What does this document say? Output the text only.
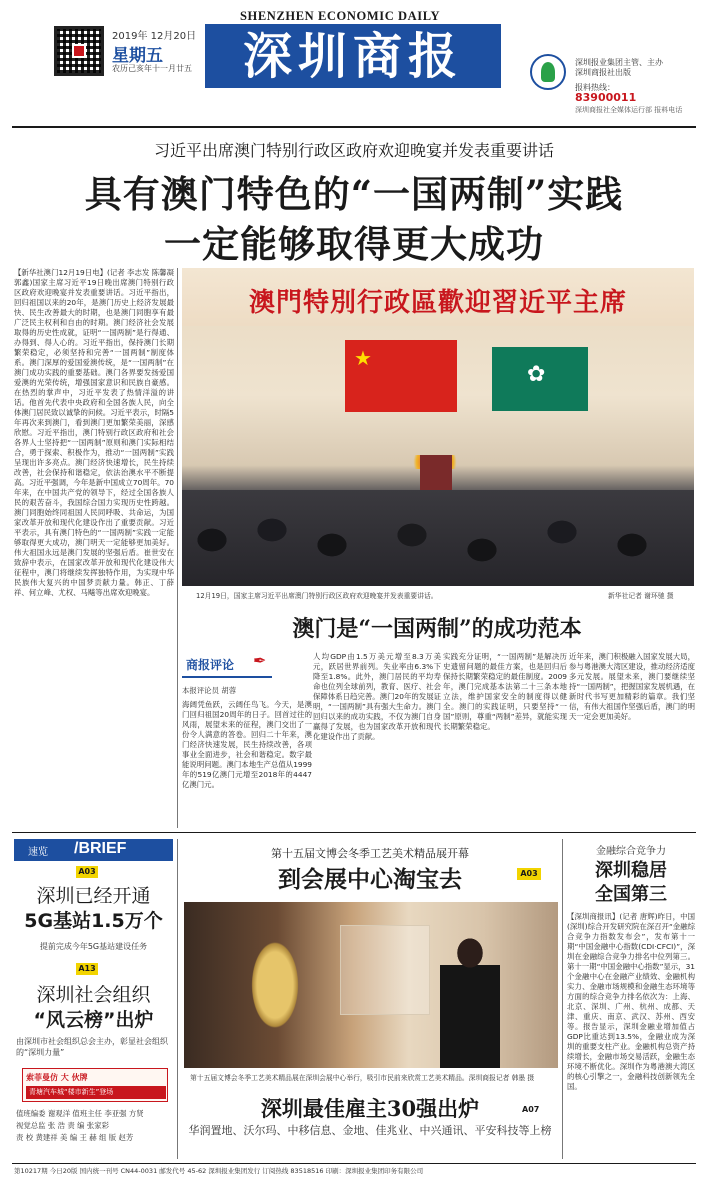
SHENZHEN ECONOMIC DAILY
2019年 12月20日
星期五
农历己亥年十一月廿五	深圳商报	深圳报业集团主管、主办
深圳商报社出版
报料热线：
83900011
深圳商报社全媒体运行部 报料电话
习近平出席澳门特别行政区政府欢迎晚宴并发表重要讲话
具有澳门特色的“一国两制”实践
一定能够取得更大成功
【新华社澳门12月19日电】(记者 李志发 陈馨凝 郭鑫)国家主席习近平19日晚出席澳门特别行政区政府欢迎晚宴并发表重要讲话。习近平指出，回归祖国以来的20年，是澳门历史上经济发展最快、民生改善最大的时期，也是澳门同胞享有最广泛民主权利和自由的时期。澳门经济社会发展取得的历史性成就，证明“一国两制”是行得通、办得到、得人心的。习近平指出，保持澳门长期繁荣稳定，必须坚持和完善“一国两制”制度体系。澳门深厚的爱国爱澳传统，是“一国两制”在澳门成功实践的重要基础。澳门各界要发扬爱国爱澳的光荣传统，增强国家意识和民族自豪感。在热烈的掌声中，习近平发表了热情洋溢的讲话。他首先代表中央政府和全国各族人民，向全体澳门居民致以诚挚的问候。习近平表示，时隔5年再次来到澳门，看到澳门更加繁荣美丽，深感欣慰。习近平指出，澳门特别行政区政府和社会各界人士坚持把“一国两制”原则和澳门实际相结合，勇于探索、积极作为，推动“一国两制”实践呈现出许多亮点。澳门经济快速增长，民生持续改善，社会保持和谐稳定，依法治澳水平不断提高。习近平强调，今年是新中国成立70周年。70年来，在中国共产党的领导下，经过全国各族人民的艰苦奋斗，我国综合国力实现历史性跨越。澳门同胞始终同祖国人民同呼吸、共命运，为国家改革开放和现代化建设作出了重要贡献。习近平表示，具有澳门特色的“一国两制”实践一定能够取得更大成功，澳门明天一定能够更加美好。伟大祖国永远是澳门发展的坚强后盾。崔世安在致辞中表示，在国家改革开放和现代化建设伟大征程中，澳门将继续发挥独特作用，为实现中华民族伟大复兴的中国梦贡献力量。韩正、丁薛祥、何立峰、尤权、马飚等出席欢迎晚宴。
澳門特別行政區歡迎習近平主席
★
✿
12月19日，国家主席习近平出席澳门特别行政区政府欢迎晚宴并发表重要讲话。	新华社记者 谢环驰 摄
澳门是“一国两制”的成功范本
商报评论 ✒
本报评论员 胡蓉
海阔凭鱼跃，云阔任鸟飞。今天，是澳门回归祖国20周年的日子。回首过往的风雨，展望未来的征程，澳门交出了一份令人满意的答卷。回归二十年来，澳门经济快速发展，民生持续改善，各项事业全面进步，社会和谐稳定。数字最能说明问题。澳门本地生产总值从1999年的519亿澳门元增至2018年的4447亿澳门元。
人均GDP由1.5万美元增至8.3万美元，跃居世界前列。失业率由6.3%下降至1.8%。此外，澳门居民的平均寿命也位列全球前列，教育、医疗、社会保障体系日趋完善。澳门20年的发展证明，“一国两制”具有强大生命力。澳门回归以来的成功实践，不仅为澳门自身赢得了发展，也为国家改革开放和现代化建设作出了贡献。
实践充分证明，“一国两制”是解决历史遗留问题的最佳方案，也是回归后保持长期繁荣稳定的最佳制度。2009年，澳门完成基本法第二十三条本地立法，维护国家安全的制度得以健全。澳门的实践证明，只要坚持“一国”原则，尊重“两制”差异，就能实现长期繁荣稳定。
近年来，澳门积极融入国家发展大局，参与粤港澳大湾区建设，推动经济适度多元发展。展望未来，澳门要继续坚持“一国两制”，把握国家发展机遇，在新时代书写更加精彩的篇章。我们坚信，有伟大祖国作坚强后盾，澳门的明天一定会更加美好。
速览 /BRIEF
A03
深圳已经开通
5G基站1.5万个
提前完成今年5G基站建设任务
A13
深圳社会组织
“风云榜”出炉
由深圳市社会组织总会主办，彰显社会组织的“深圳力量”
索菲曼仿 大 伙牌
青塘汽车城“楼市新生”登场
值班编委 谢观洋 值班主任 李亚强 方贤
视觉总监 张 浩 责 编 张家彩
责 校 黄建祥 美 编 王 赫 组 版 赵芳
第十五届文博会冬季工艺美术精品展开幕
到会展中心淘宝去	A03
第十五届文博会冬季工艺美术精品展在深圳会展中心举行，吸引市民前来欣赏工艺美术精品。深圳商报记者 韩墨 摄
深圳最佳雇主30强出炉	A07
华润置地、沃尔玛、中移信息、金地、佳兆业、中兴通讯、平安科技等上榜
金融综合竞争力
深圳稳居
全国第三
【深圳商报讯】(记者 唐辉)昨日，中国(深圳)综合开发研究院在深召开“金融综合竞争力指数发布会”，发布第十一期“中国金融中心指数(CDI·CFCI)”，深圳在金融综合竞争力排名中位列第三。第十一期“中国金融中心指数”显示，31个金融中心在金融产业绩效、金融机构实力、金融市场规模和金融生态环境等方面的综合竞争力排名依次为：上海、北京、深圳、广州、杭州、成都、天津、重庆、南京、武汉、苏州、西安等。报告显示，深圳金融业增加值占GDP比重达到13.5%，金融业成为深圳的重要支柱产业。金融机构总资产持续增长，金融市场交易活跃，金融生态环境不断优化。深圳作为粤港澳大湾区的核心引擎之一，金融科技创新领先全国。
第10217期 今日20版 国内统一刊号 CN44-0031 邮发代号 45-62 深圳报业集团发行 订阅热线 83518516 印刷：深圳报业集团印务有限公司
